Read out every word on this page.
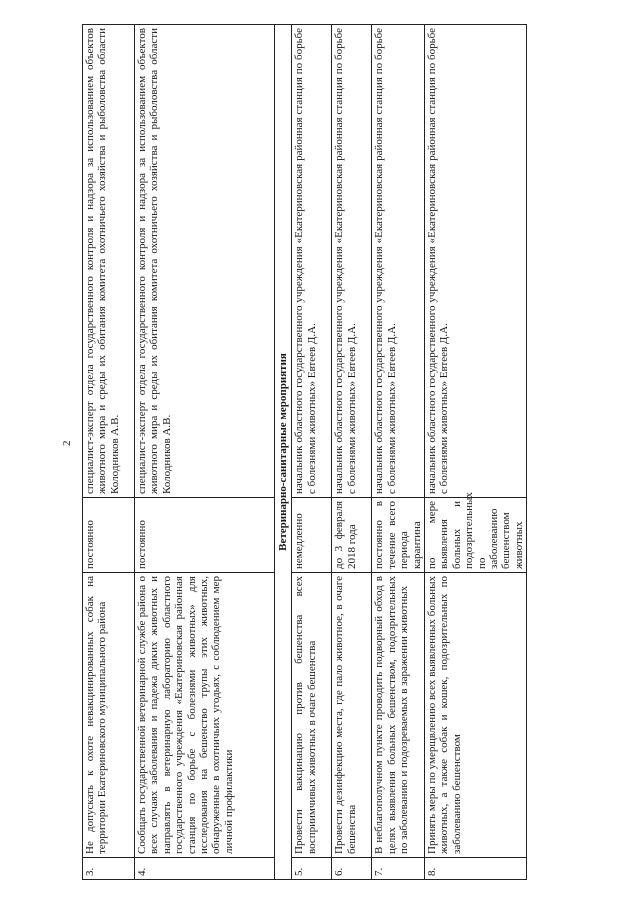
2
3.	Не допускать к охоте невакцинированных собак на территории Екатериновского муниципального района	постоянно	специалист-эксперт отдела государственного контроля и надзора за использованием объектов животного мира и среды их обитания комитета охотничьего хозяйства и рыболовства области Колодников А.В.
4.	Сообщать государственной ветеринарной службе района о всех случаях заболевания и падежа диких животных и направлять в ветеринарную лабораторию областного государственного учреждения «Екатериновская районная станция по борьбе с болезнями животных» для исследования на бешенство трупы этих животных, обнаруженные в охотничьих угодьях, с соблюдением мер личной профилактики	постоянно	специалист-эксперт отдела государственного контроля и надзора за использованием объектов животного мира и среды их обитания комитета охотничьего хозяйства и рыболовства области Колодников А.В.
Ветеринарно-санитарные мероприятия			
5.	Провести вакцинацию против бешенства всех восприимчивых животных в очаге бешенства	немедленно	начальник областного государственного учреждения «Екатериновская районная станция по борьбе с болезнями животных» Евтеев Д.А.
6.	Провести дезинфекцию места, где пало животное, в очаге бешенства	до 3 февраля 2018 года	начальник областного государственного учреждения «Екатериновская районная станция по борьбе с болезнями животных» Евтеев Д.А.
7.	В неблагополучном пункте проводить подворный обход в целях выявления больных бешенством, подозрительных по заболеванию и подозреваемых в заражении животных	постоянно в течение всего периода карантина	начальник областного государственного учреждения «Екатериновская районная станция по борьбе с болезнями животных» Евтеев Д.А.
8.	Принять меры по умерщвлению всех выявленных больных животных, а также собак и кошек, подозрительных по заболеванию бешенством	по мере выявления больных и подозрительных по заболеванию бешенством животных	начальник областного государственного учреждения «Екатериновская районная станция по борьбе с болезнями животных» Евтеев Д.А.
